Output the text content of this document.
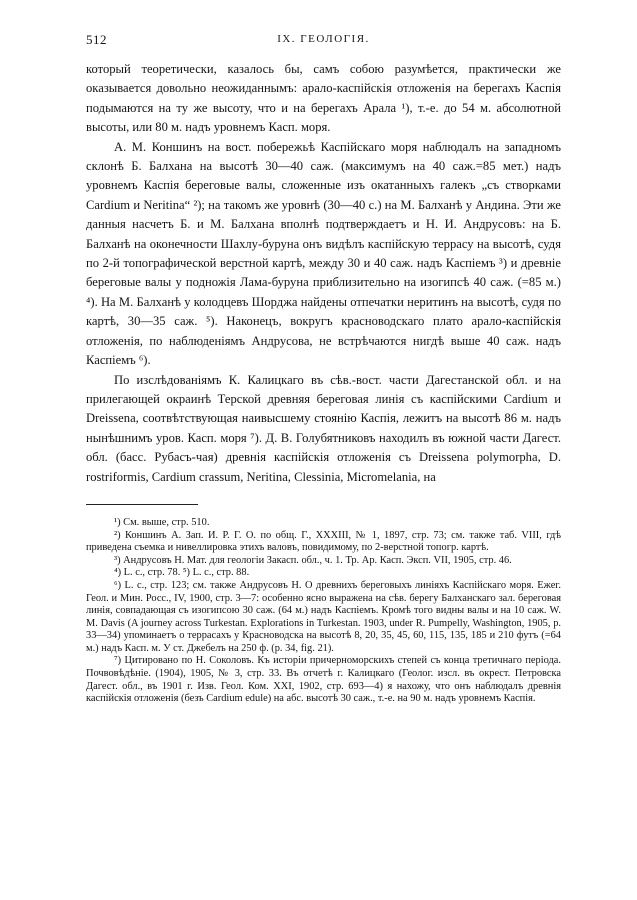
512	IX. ГЕОЛОГІЯ.

который теоретически, казалось бы, самъ собою разумѣется, практически же оказывается довольно неожиданнымъ: арало-каспійскія отложенія на берегахъ Каспія подымаются на ту же высоту, что и на берегахъ Арала ¹), т.-е. до 54 м. абсолютной высоты, или 80 м. надъ уровнемъ Касп. моря.

А. М. Коншинъ на вост. побережьѣ Каспійскаго моря наблюдалъ на западномъ склонѣ Б. Балхана на высотѣ 30—40 саж. (максимумъ на 40 саж.=85 мет.) надъ уровнемъ Каспія береговые валы, сложенные изъ окатанныхъ галекъ „съ створками Cardium и Neritina“ ²); на такомъ же уровнѣ (30—40 с.) на М. Балханѣ у Андина. Эти же данныя насчетъ Б. и М. Балхана вполнѣ подтверждаетъ и Н. И. Андрусовъ: на Б. Балханѣ на оконечности Шахлу-буруна онъ видѣлъ каспійскую террасу на высотѣ, судя по 2-й топографической верстной картѣ, между 30 и 40 саж. надъ Каспіемъ ³) и древніе береговые валы у подножія Лама-буруна приблизительно на изогипсѣ 40 саж. (=85 м.) ⁴). На М. Балханѣ у колодцевъ Шорджа найдены отпечатки неритинъ на высотѣ, судя по картѣ, 30—35 саж. ⁵). Наконецъ, вокругъ красноводскаго плато арало-каспійскія отложенія, по наблюденіямъ Андрусова, не встрѣчаются нигдѣ выше 40 саж. надъ Каспіемъ ⁶).

По изслѣдованіямъ К. Калицкаго въ сѣв.-вост. части Дагестанской обл. и на прилегающей окраинѣ Терской древняя береговая линія съ каспійскими Cardium и Dreissena, соотвѣтствующая наивысшему стоянію Каспія, лежитъ на высотѣ 86 м. надъ нынѣшнимъ уров. Касп. моря ⁷). Д. В. Голубятниковъ находилъ въ южной части Дагест. обл. (басс. Рубасъ-чая) древнія каспійскія отложенія съ Dreissena polymorpha, D. rostriformis, Cardium crassum, Neritina, Clessinia, Micromelania, на

¹) См. выше, стр. 510.

²) Коншинъ А. Зап. И. Р. Г. О. по общ. Г., XXXIII, № 1, 1897, стр. 73; см. также таб. VIII, гдѣ приведена съемка и нивеллировка этихъ валовъ, повидимому, по 2-верстной топогр. картѣ.

³) Андрусовъ Н. Мат. для геологіи Закасп. обл., ч. 1. Тр. Ар. Касп. Эксп. VII, 1905, стр. 46.

⁴) L. c., стр. 78. ⁵) L. c., стр. 88.

⁶) L. c., стр. 123; см. также Андрусовъ Н. О древнихъ береговыхъ линіяхъ Каспійскаго моря. Ежег. Геол. и Мин. Росс., IV, 1900, стр. 3—7: особенно ясно выражена на сѣв. берегу Балханскаго зал. береговая линія, совпадающая съ изогипсою 30 саж. (64 м.) надъ Каспіемъ. Кромѣ того видны валы и на 10 саж. W. M. Davis (A journey across Turkestan. Explorations in Turkestan. 1903, under R. Pumpelly, Washington, 1905, p. 33—34) упоминаетъ о террасахъ у Красноводска на высотѣ 8, 20, 35, 45, 60, 115, 135, 185 и 210 футъ (=64 м.) надъ Касп. м. У ст. Джебелъ на 250 ф. (p. 34, fig. 21).

⁷) Цитировано по Н. Соколовъ. Къ исторіи причерноморскихъ степей съ конца третичнаго періода. Почвовѣдѣніе. (1904), 1905, № 3, стр. 33. Въ отчетѣ г. Калицкаго (Геолог. изсл. въ окрест. Петровска Дагест. обл., въ 1901 г. Изв. Геол. Ком. XXI, 1902, стр. 693—4) я нахожу, что онъ наблюдалъ древнія каспійскія отложенія (безъ Cardium edule) на абс. высотѣ 30 саж., т.-е. на 90 м. надъ уровнемъ Каспія.
